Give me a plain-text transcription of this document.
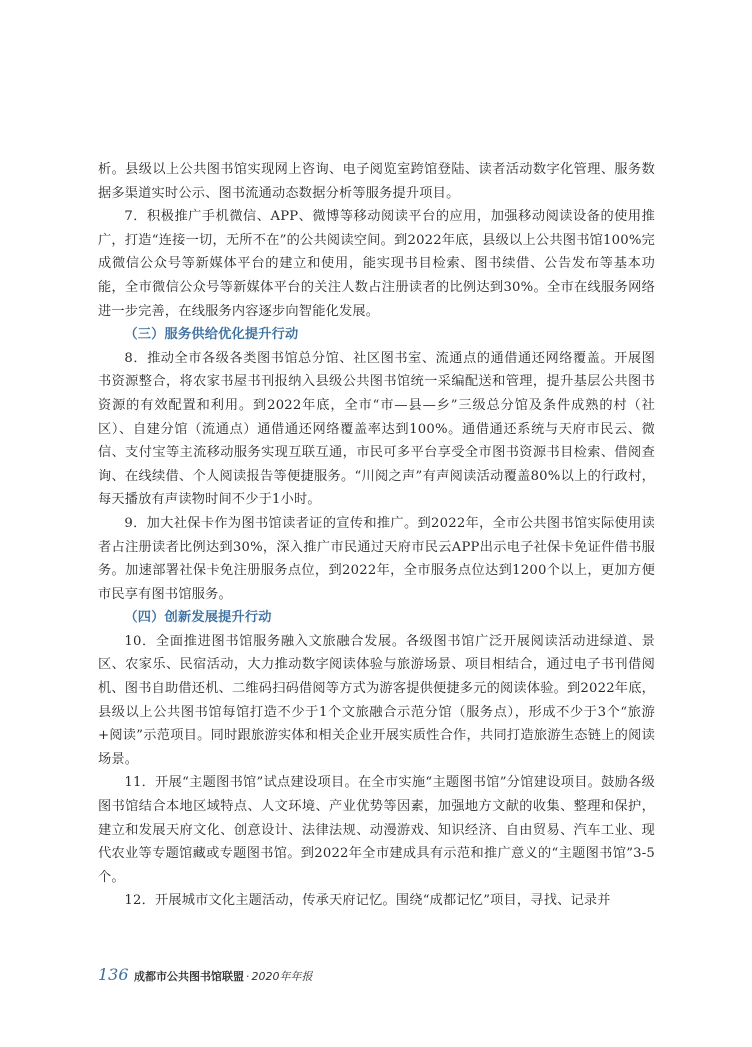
析。县级以上公共图书馆实现网上咨询、电子阅览室跨馆登陆、读者活动数字化管理、服务数据多渠道实时公示、图书流通动态数据分析等服务提升项目。

7．积极推广手机微信、APP、微博等移动阅读平台的应用，加强移动阅读设备的使用推广，打造“连接一切，无所不在”的公共阅读空间。到2022年底，县级以上公共图书馆100%完成微信公众号等新媒体平台的建立和使用，能实现书目检索、图书续借、公告发布等基本功能，全市微信公众号等新媒体平台的关注人数占注册读者的比例达到30%。全市在线服务网络进一步完善，在线服务内容逐步向智能化发展。

（三）服务供给优化提升行动

8．推动全市各级各类图书馆总分馆、社区图书室、流通点的通借通还网络覆盖。开展图书资源整合，将农家书屋书刊报纳入县级公共图书馆统一采编配送和管理，提升基层公共图书资源的有效配置和利用。到2022年底，全市“市—县—乡”三级总分馆及条件成熟的村（社区）、自建分馆（流通点）通借通还网络覆盖率达到100%。通借通还系统与天府市民云、微信、支付宝等主流移动服务实现互联互通，市民可多平台享受全市图书资源书目检索、借阅查询、在线续借、个人阅读报告等便捷服务。“川阅之声”有声阅读活动覆盖80%以上的行政村，每天播放有声读物时间不少于1小时。

9．加大社保卡作为图书馆读者证的宣传和推广。到2022年，全市公共图书馆实际使用读者占注册读者比例达到30%，深入推广市民通过天府市民云APP出示电子社保卡免证件借书服务。加速部署社保卡免注册服务点位，到2022年，全市服务点位达到1200个以上，更加方便市民享有图书馆服务。

（四）创新发展提升行动

10．全面推进图书馆服务融入文旅融合发展。各级图书馆广泛开展阅读活动进绿道、景区、农家乐、民宿活动，大力推动数字阅读体验与旅游场景、项目相结合，通过电子书刊借阅机、图书自助借还机、二维码扫码借阅等方式为游客提供便捷多元的阅读体验。到2022年底，县级以上公共图书馆每馆打造不少于1个文旅融合示范分馆（服务点），形成不少于3个“旅游+阅读”示范项目。同时跟旅游实体和相关企业开展实质性合作，共同打造旅游生态链上的阅读场景。

11．开展“主题图书馆”试点建设项目。在全市实施“主题图书馆”分馆建设项目。鼓励各级图书馆结合本地区域特点、人文环境、产业优势等因素，加强地方文献的收集、整理和保护，建立和发展天府文化、创意设计、法律法规、动漫游戏、知识经济、自由贸易、汽车工业、现代农业等专题馆藏或专题图书馆。到2022年全市建成具有示范和推广意义的“主题图书馆”3-5个。

12．开展城市文化主题活动，传承天府记忆。围绕“成都记忆”项目，寻找、记录并

136 成都市公共图书馆联盟 · 2020年年报
